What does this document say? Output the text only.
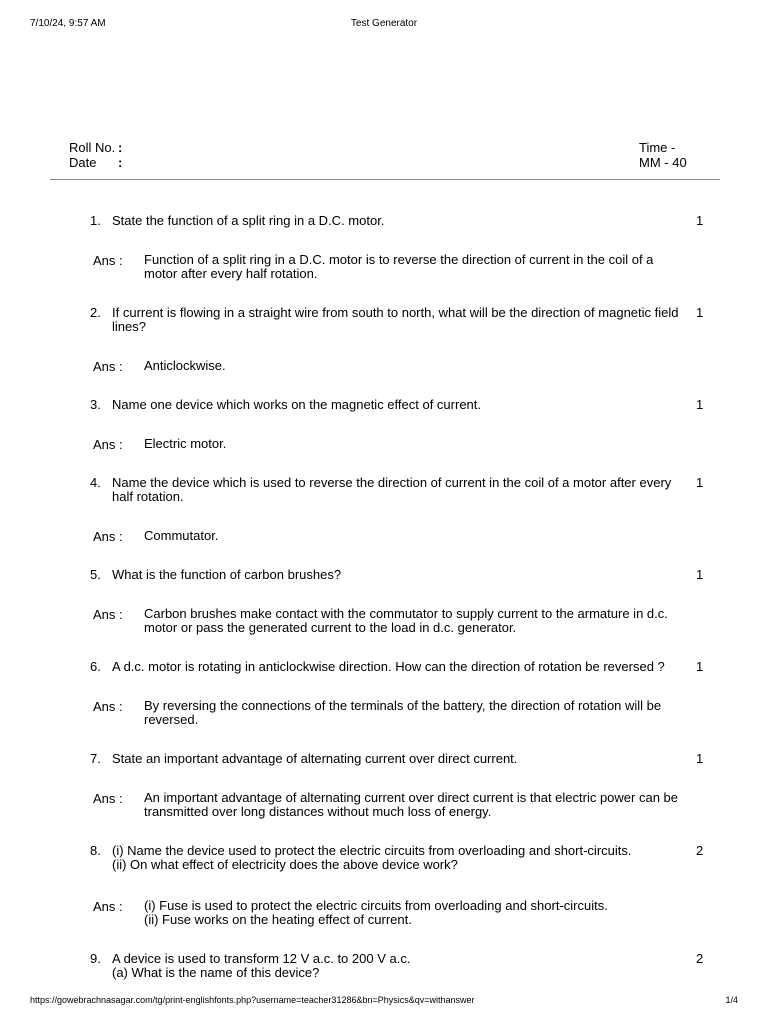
7/10/24, 9:57 AM	Test Generator
Roll No. :	Time -
Date :	MM - 40
1. State the function of a split ring in a D.C. motor.	1
Ans : Function of a split ring in a D.C. motor is to reverse the direction of current in the coil of a motor after every half rotation.
2. If current is flowing in a straight wire from south to north, what will be the direction of magnetic field lines?
1
Ans : Anticlockwise.
3. Name one device which works on the magnetic effect of current.	1
Ans : Electric motor.
4. Name the device which is used to reverse the direction of current in the coil of a motor after every half rotation.
1
Ans : Commutator.
5. What is the function of carbon brushes?	1
Ans : Carbon brushes make contact with the commutator to supply current to the armature in d.c. motor or pass the generated current to the load in d.c. generator.
6. A d.c. motor is rotating in anticlockwise direction. How can the direction of rotation be reversed ?	1
Ans : By reversing the connections of the terminals of the battery, the direction of rotation will be reversed.
7. State an important advantage of alternating current over direct current.	1
Ans : An important advantage of alternating current over direct current is that electric power can be transmitted over long distances without much loss of energy.
8. (i) Name the device used to protect the electric circuits from overloading and short-circuits.
(ii) On what effect of electricity does the above device work?
2
Ans : (i) Fuse is used to protect the electric circuits from overloading and short-circuits.
(ii) Fuse works on the heating effect of current.
9. A device is used to transform 12 V a.c. to 200 V a.c.
(a) What is the name of this device?
2
https://gowebrachnasagar.com/tg/print-englishfonts.php?username=teacher31286&bn=Physics&qv=withanswer	1/4
